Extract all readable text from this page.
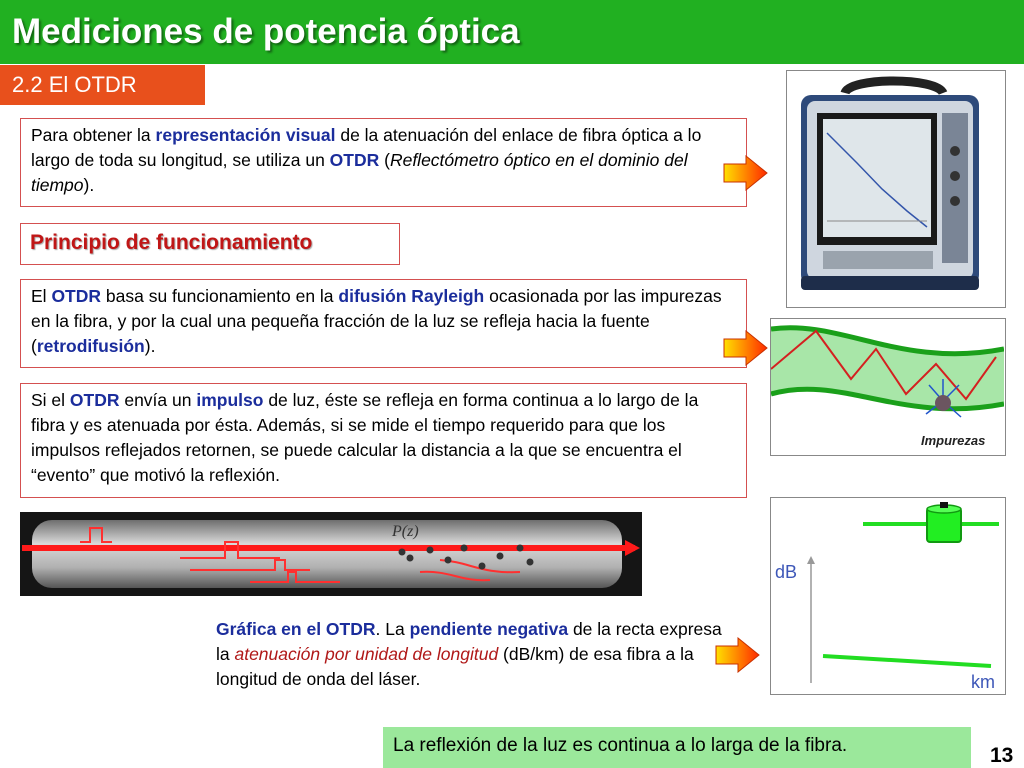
Mediciones de potencia óptica
2.2 El OTDR

Para obtener la representación visual de la atenuación del enlace de fibra óptica a lo largo de toda su longitud, se utiliza un OTDR (Reflectómetro óptico en el dominio del tiempo).

Principio de funcionamiento

El OTDR basa su funcionamiento en la difusión Rayleigh ocasionada por las impurezas en la fibra, y por la cual una pequeña fracción de la luz se refleja hacia la fuente (retrodifusión).

Si el OTDR envía un impulso de luz, éste se refleja en forma continua a lo largo de la fibra y es atenuada por ésta. Además, si se mide el tiempo requerido para que los impulsos reflejados retornen, se puede calcular la distancia a la que se encuentra el “evento” que motivó la reflexión.

Impurezas
P(z)
dB
km

Gráfica en el OTDR. La pendiente negativa de la recta expresa la atenuación por unidad de longitud (dB/km) de esa fibra a la longitud de onda del láser.

La reflexión de la luz es continua a lo larga de la fibra.	13
